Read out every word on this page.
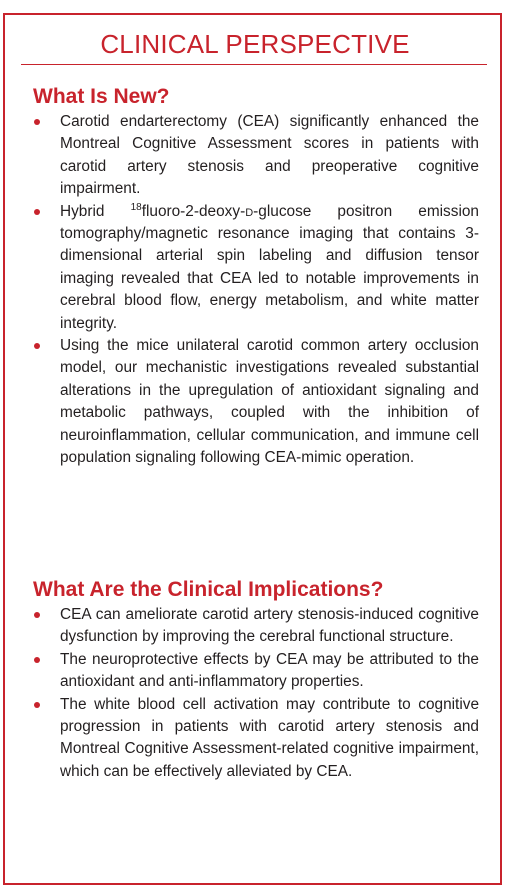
CLINICAL PERSPECTIVE
What Is New?
Carotid endarterectomy (CEA) significantly enhanced the Montreal Cognitive Assessment scores in patients with carotid artery stenosis and preoperative cognitive impairment.
Hybrid $^{18}$fluoro-2-deoxy-d-glucose positron emission tomography/magnetic resonance imaging that contains 3-dimensional arterial spin labeling and diffusion tensor imaging revealed that CEA led to notable improvements in cerebral blood flow, energy metabolism, and white matter integrity.
Using the mice unilateral carotid common artery occlusion model, our mechanistic investigations revealed substantial alterations in the upregulation of antioxidant signaling and metabolic pathways, coupled with the inhibition of neuroinflammation, cellular communication, and immune cell population signaling following CEA-mimic operation.
What Are the Clinical Implications?
CEA can ameliorate carotid artery stenosis-induced cognitive dysfunction by improving the cerebral functional structure.
The neuroprotective effects by CEA may be attributed to the antioxidant and anti-inflammatory properties.
The white blood cell activation may contribute to cognitive progression in patients with carotid artery stenosis and Montreal Cognitive Assessment-related cognitive impairment, which can be effectively alleviated by CEA.
